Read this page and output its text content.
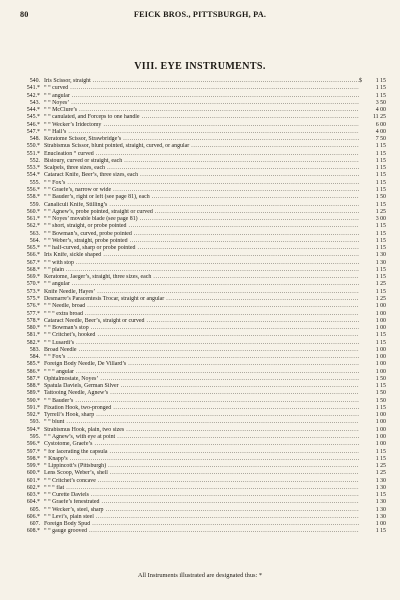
80	FEICK BROS., PITTSBURGH, PA.
VIII. EYE INSTRUMENTS.
540. Iris Scissor, straight .....	$	1 15
541.* “ “ curved .....	1 15
542.* “ “ angular .....	1 15
543. “ “ Noyes’ .....	3 50
544.* “ “ McClure’s .....	4 00
545.* “ “ canulated, and Forceps to one handle .....	11 25
546.* “ “ Wecker’s Iridectomy .....	6 00
547.* “ “ Hall’s .....	4 00
548. Keratome Scissor, Strawbridge’s .....	7 50
550.* Strabismus Scissor, blunt pointed, straight, curved, or angular .....	1 15
551.* Enucleation “ curved .....	1 15
552. Bistoury, curved or straight, each .....	1 15
553.* Scalpels, three sizes, each .....	1 15
554.* Cataract Knife, Beer’s, three sizes, each .....	1 15
555. “ “ Fox’s .....	1 15
556.* “ “ Graefe’s, narrow or wide .....	1 15
558.* “ “ Bauder’s, right or left (see page 81), each .....	1 50
559. Canaliculi Knife, Stilling’s .....	1 15
560.* “ “ Agnew’s, probe pointed, straight or curved .....	1 25
561.* “ “ Noyes’ movable blade (see page 81) .....	3 00
562.* “ “ short, straight, or probe pointed .....	1 15
563. “ “ Bowman’s, curved, probe pointed .....	1 15
564. “ “ Weber’s, straight, probe pointed .....	1 15
565.* “ “ half-curved, sharp or probe pointed .....	1 15
566.* Iris Knife, sickle shaped .....	1 30
567.* “ “ with stop .....	1 30
568.* “ “ plain .....	1 15
569.* Keratome, Jaeger’s, straight, three sizes, each .....	1 15
570.* “ “ angular .....	1 25
573.* Knife Needle, Hayes’ .....	1 15
575.* Desmarre’s Paracentesis Trocar, straight or angular .....	1 25
576.* “ “ Needle, broad .....	1 00
577.* “ “ “ extra broad .....	1 00
578.* Cataract Needle, Beer’s, straight or curved .....	1 00
580.* “ “ Bowman’s stop .....	1 00
581.* “ “ Critchet’s, hooked .....	1 15
582.* “ “ Lusardi’s .....	1 15
583. Broad Needle .....	1 00
584. “ “ Fox’s .....	1 00
585.* Foreign Body Needle, De Villard’s .....	1 00
586.* “ “ “ angular .....	1 00
587.* Ophtalmostate, Noyes’ .....	1 50
588.* Spatula Daviels, German Silver .....	1 15
589.* Tattooing Needle, Agnew’s .....	1 50
590.* “ “ Bauder’s .....	1 50
591.* Fixation Hook, two-pronged .....	1 15
592.* Tyrrell’s Hook, sharp .....	1 00
593. “ “ blunt .....	1 00
594.* Strabismus Hook, plain, two sizes .....	1 00
595. “ “ Agnew’s, with eye at point .....	1 00
596.* Cystotome, Graefe’s .....	1 00
597.* “ for lacerating the capsula .....	1 15
598.* “ Knapp’s .....	1 15
599.* “ Lippincott’s (Pittsburgh) .....	1 25
600.* Lens Scoop, Weber’s, shell .....	1 25
601.* “ “ Critchet’s concave .....	1 30
602.* “ “ “ flat .....	1 30
603.* “ “ Curette Daviels .....	1 15
604.* “ “ Graefe’s fenestrated .....	1 30
605. “ “ Wecker’s, steel, sharp .....	1 30
606.* “ “ Levi’s, plain steel .....	1 30
607. Foreign Body Spud .....	1 00
608.* “ “ gauge grooved .....	1 15
All Instruments illustrated are designated thus: *
